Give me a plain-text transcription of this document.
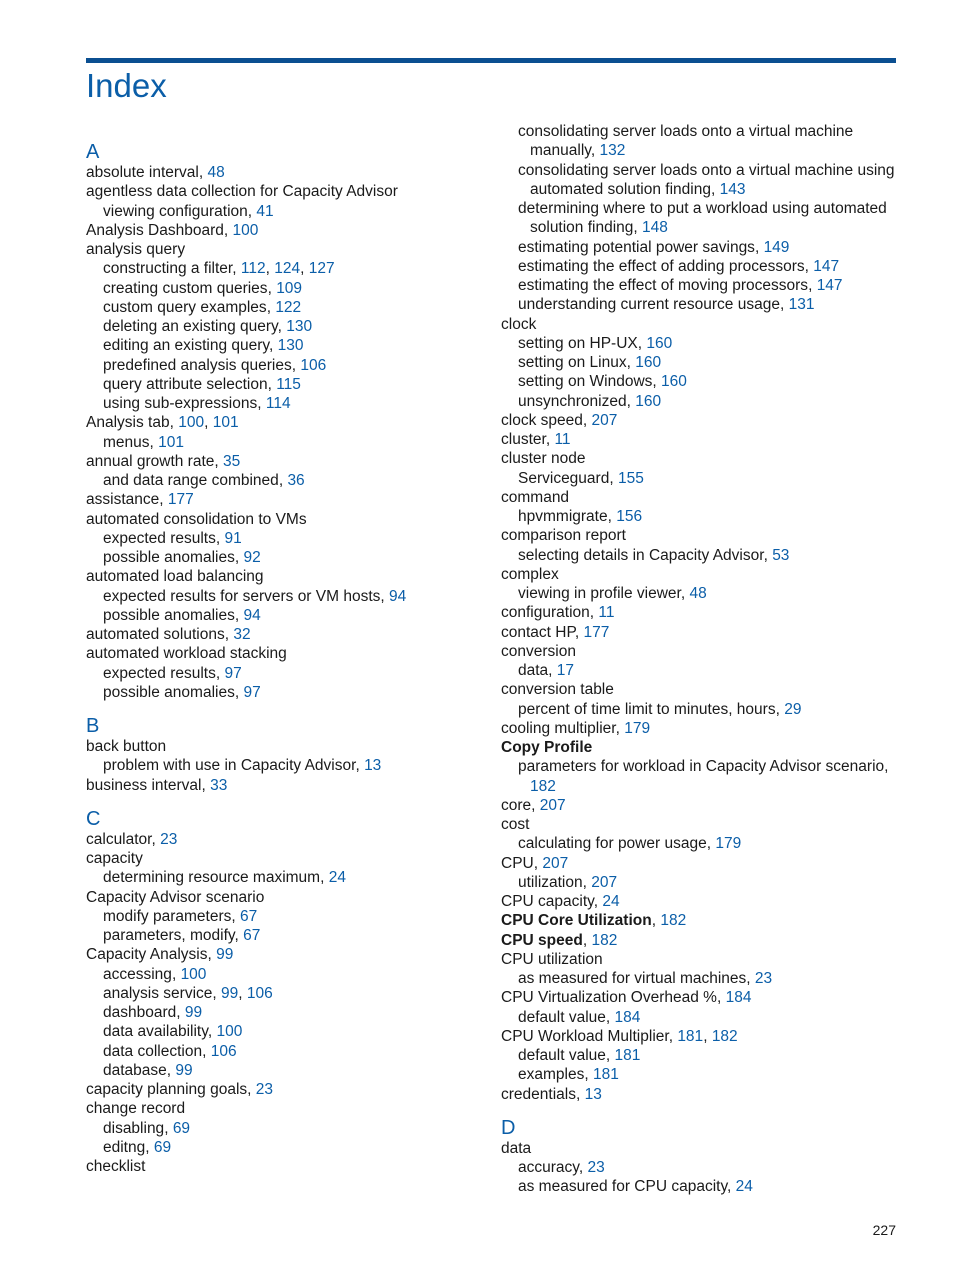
Index
A
absolute interval, 48
agentless data collection for Capacity Advisor
viewing configuration, 41
Analysis Dashboard, 100
analysis query
constructing a filter, 112, 124, 127
creating custom queries, 109
custom query examples, 122
deleting an existing query, 130
editing an existing query, 130
predefined analysis queries, 106
query attribute selection, 115
using sub-expressions, 114
Analysis tab, 100, 101
menus, 101
annual growth rate, 35
and data range combined, 36
assistance, 177
automated consolidation to VMs
expected results, 91
possible anomalies, 92
automated load balancing
expected results for servers or VM hosts, 94
possible anomalies, 94
automated solutions, 32
automated workload stacking
expected results, 97
possible anomalies, 97
B
back button
problem with use in Capacity Advisor, 13
business interval, 33
C
calculator, 23
capacity
determining resource maximum, 24
Capacity Advisor scenario
modify parameters, 67
parameters, modify, 67
Capacity Analysis, 99
accessing, 100
analysis service, 99, 106
dashboard, 99
data availability, 100
data collection, 106
database, 99
capacity planning goals, 23
change record
disabling, 69
editng, 69
checklist
consolidating server loads onto a virtual machine
manually, 132
consolidating server loads onto a virtual machine using
automated solution finding, 143
determining where to put a workload using automated
solution finding, 148
estimating potential power savings, 149
estimating the effect of adding processors, 147
estimating the effect of moving processors, 147
understanding current resource usage, 131
clock
setting on HP-UX, 160
setting on Linux, 160
setting on Windows, 160
unsynchronized, 160
clock speed, 207
cluster, 11
cluster node
Serviceguard, 155
command
hpvmmigrate, 156
comparison report
selecting details in Capacity Advisor, 53
complex
viewing in profile viewer, 48
configuration, 11
contact HP, 177
conversion
data, 17
conversion table
percent of time limit to minutes, hours, 29
cooling multiplier, 179
Copy Profile
parameters for workload in Capacity Advisor scenario,
182
core, 207
cost
calculating for power usage, 179
CPU, 207
utilization, 207
CPU capacity, 24
CPU Core Utilization, 182
CPU speed, 182
CPU utilization
as measured for virtual machines, 23
CPU Virtualization Overhead %, 184
default value, 184
CPU Workload Multiplier, 181, 182
default value, 181
examples, 181
credentials, 13
D
data
accuracy, 23
as measured for CPU capacity, 24
227
